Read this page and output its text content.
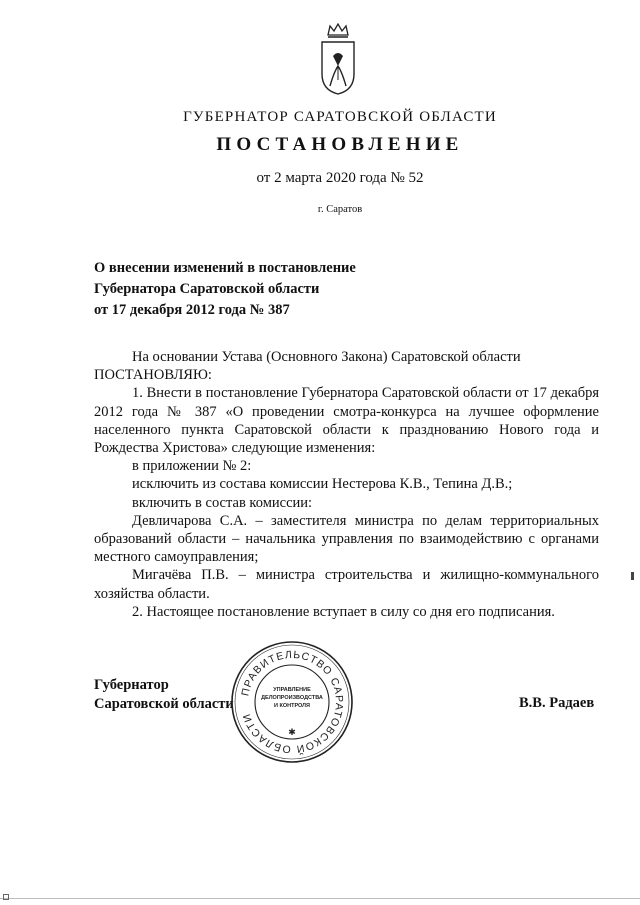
ГУБЕРНАТОР САРАТОВСКОЙ ОБЛАСТИ
ПОСТАНОВЛЕНИЕ
от 2 марта 2020 года № 52
г. Саратов
О внесении изменений в постановление
Губернатора Саратовской области
от 17 декабря 2012 года № 387

На основании Устава (Основного Закона) Саратовской области

ПОСТАНОВЛЯЮ:

1. Внести в постановление Губернатора Саратовской области от 17 декабря 2012 года № 387 «О проведении смотра-конкурса на лучшее оформление населенного пункта Саратовской области к празднованию Нового года и Рождества Христова» следующие изменения:

в приложении № 2:

исключить из состава комиссии Нестерова К.В., Тепина Д.В.;

включить в состав комиссии:

Девличарова С.А. – заместителя министра по делам территориальных образований области – начальника управления по взаимодействию с органами местного самоуправления;

Мигачёва П.В. – министра строительства и жилищно-коммунального хозяйства области.

2. Настоящее постановление вступает в силу со дня его подписания.

Губернатор
Саратовской области	В.В. Радаев
ПРАВИТЕЛЬСТВО САРАТОВСКОЙ ОБЛАСТИ
✱
УПРАВЛЕНИЕ
ДЕЛОПРОИЗВОДСТВА
И КОНТРОЛЯ
